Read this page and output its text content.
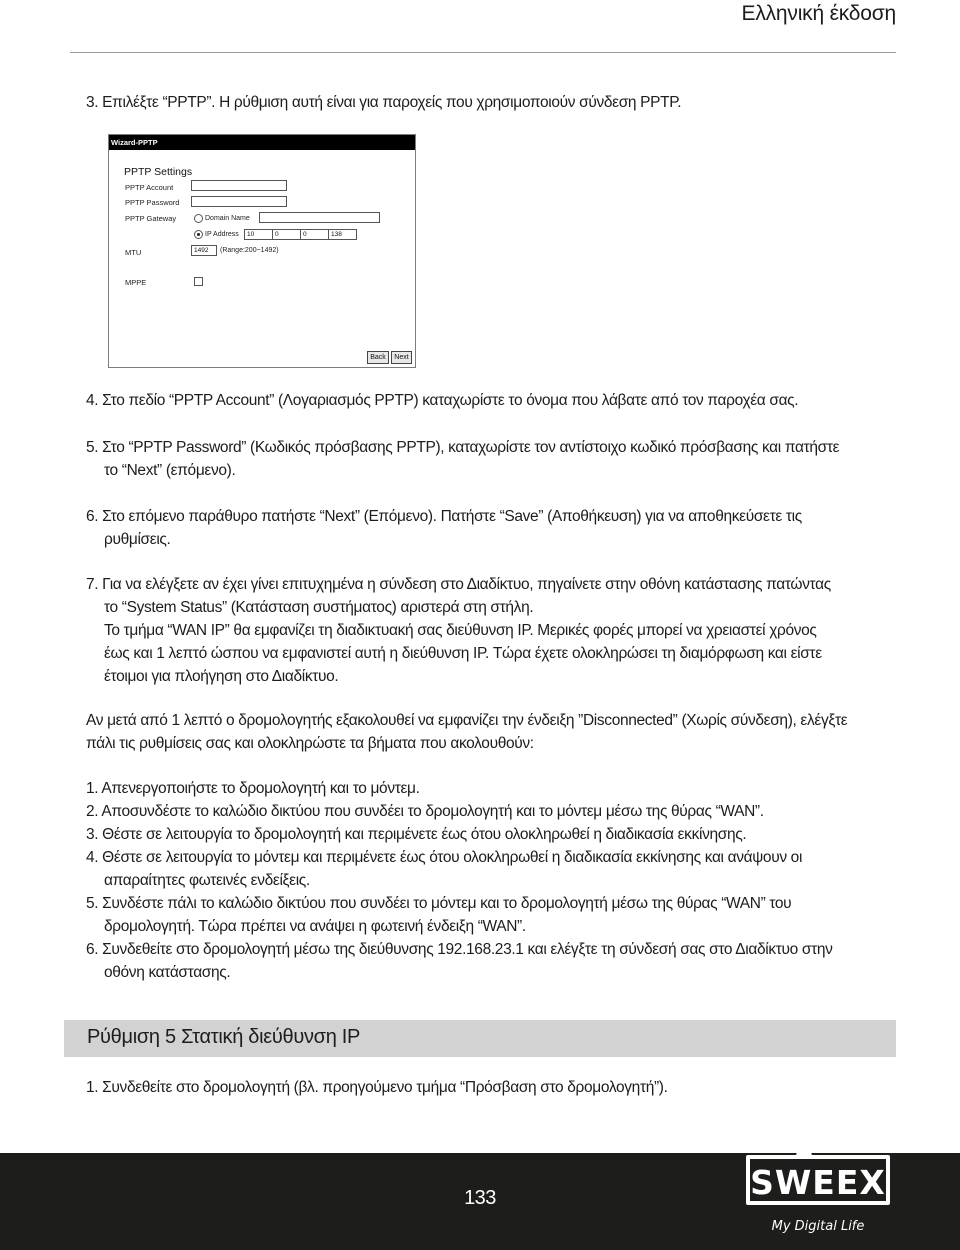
Ελληνική έκδοση
3. Επιλέξτε “PPTP”. Η ρύθμιση αυτή είναι για παροχείς που χρησιμοποιούν σύνδεση PPTP.
Wizard-PPTP
PPTP Settings
PPTP Account
PPTP Password
PPTP Gateway	Domain Name
IP Address	10	0	0	138
MTU	1492	(Range:200~1492)
MPPE
Back	Next
4. Στο πεδίο “PPTP Account” (Λογαριασμός PPTP) καταχωρίστε το όνομα που λάβατε από τον παροχέα σας.
5. Στο “PPTP Password” (Κωδικός πρόσβασης PPTP), καταχωρίστε τον αντίστοιχο κωδικό πρόσβασης και πατήστε
το “Next” (επόμενο).
6. Στο επόμενο παράθυρο πατήστε “Next” (Επόμενο). Πατήστε “Save” (Αποθήκευση) για να αποθηκεύσετε τις
ρυθμίσεις.
7. Για να ελέγξετε αν έχει γίνει επιτυχημένα η σύνδεση στο Διαδίκτυο, πηγαίνετε στην οθόνη κατάστασης πατώντας
το “System Status” (Κατάσταση συστήματος) αριστερά στη στήλη.
Το τμήμα “WAN IP” θα εμφανίζει τη διαδικτυακή σας διεύθυνση IP. Μερικές φορές μπορεί να χρειαστεί χρόνος
έως και 1 λεπτό ώσπου να εμφανιστεί αυτή η διεύθυνση IP. Τώρα έχετε ολοκληρώσει τη διαμόρφωση και είστε
έτοιμοι για πλοήγηση στο Διαδίκτυο.
Αν μετά από 1 λεπτό ο δρομολογητής εξακολουθεί να εμφανίζει την ένδειξη ”Disconnected” (Χωρίς σύνδεση), ελέγξτε
πάλι τις ρυθμίσεις σας και ολοκληρώστε τα βήματα που ακολουθούν:
1. Απενεργοποιήστε το δρομολογητή και το μόντεμ.
2. Αποσυνδέστε το καλώδιο δικτύου που συνδέει το δρομολογητή και το μόντεμ μέσω της θύρας “WAN”.
3. Θέστε σε λειτουργία το δρομολογητή και περιμένετε έως ότου ολοκληρωθεί η διαδικασία εκκίνησης.
4. Θέστε σε λειτουργία το μόντεμ και περιμένετε έως ότου ολοκληρωθεί η διαδικασία εκκίνησης και ανάψουν οι
απαραίτητες φωτεινές ενδείξεις.
5. Συνδέστε πάλι το καλώδιο δικτύου που συνδέει το μόντεμ και το δρομολογητή μέσω της θύρας “WAN” του
δρομολογητή. Τώρα πρέπει να ανάψει η φωτεινή ένδειξη “WAN”.
6. Συνδεθείτε στο δρομολογητή μέσω της διεύθυνσης 192.168.23.1 και ελέγξτε τη σύνδεσή σας στο Διαδίκτυο στην
οθόνη κατάστασης.
Ρύθμιση 5 Στατική διεύθυνση IP
1. Συνδεθείτε στο δρομολογητή (βλ. προηγούμενο τμήμα “Πρόσβαση στο δρομολογητή”).
133	SWEEX
My Digital Life
